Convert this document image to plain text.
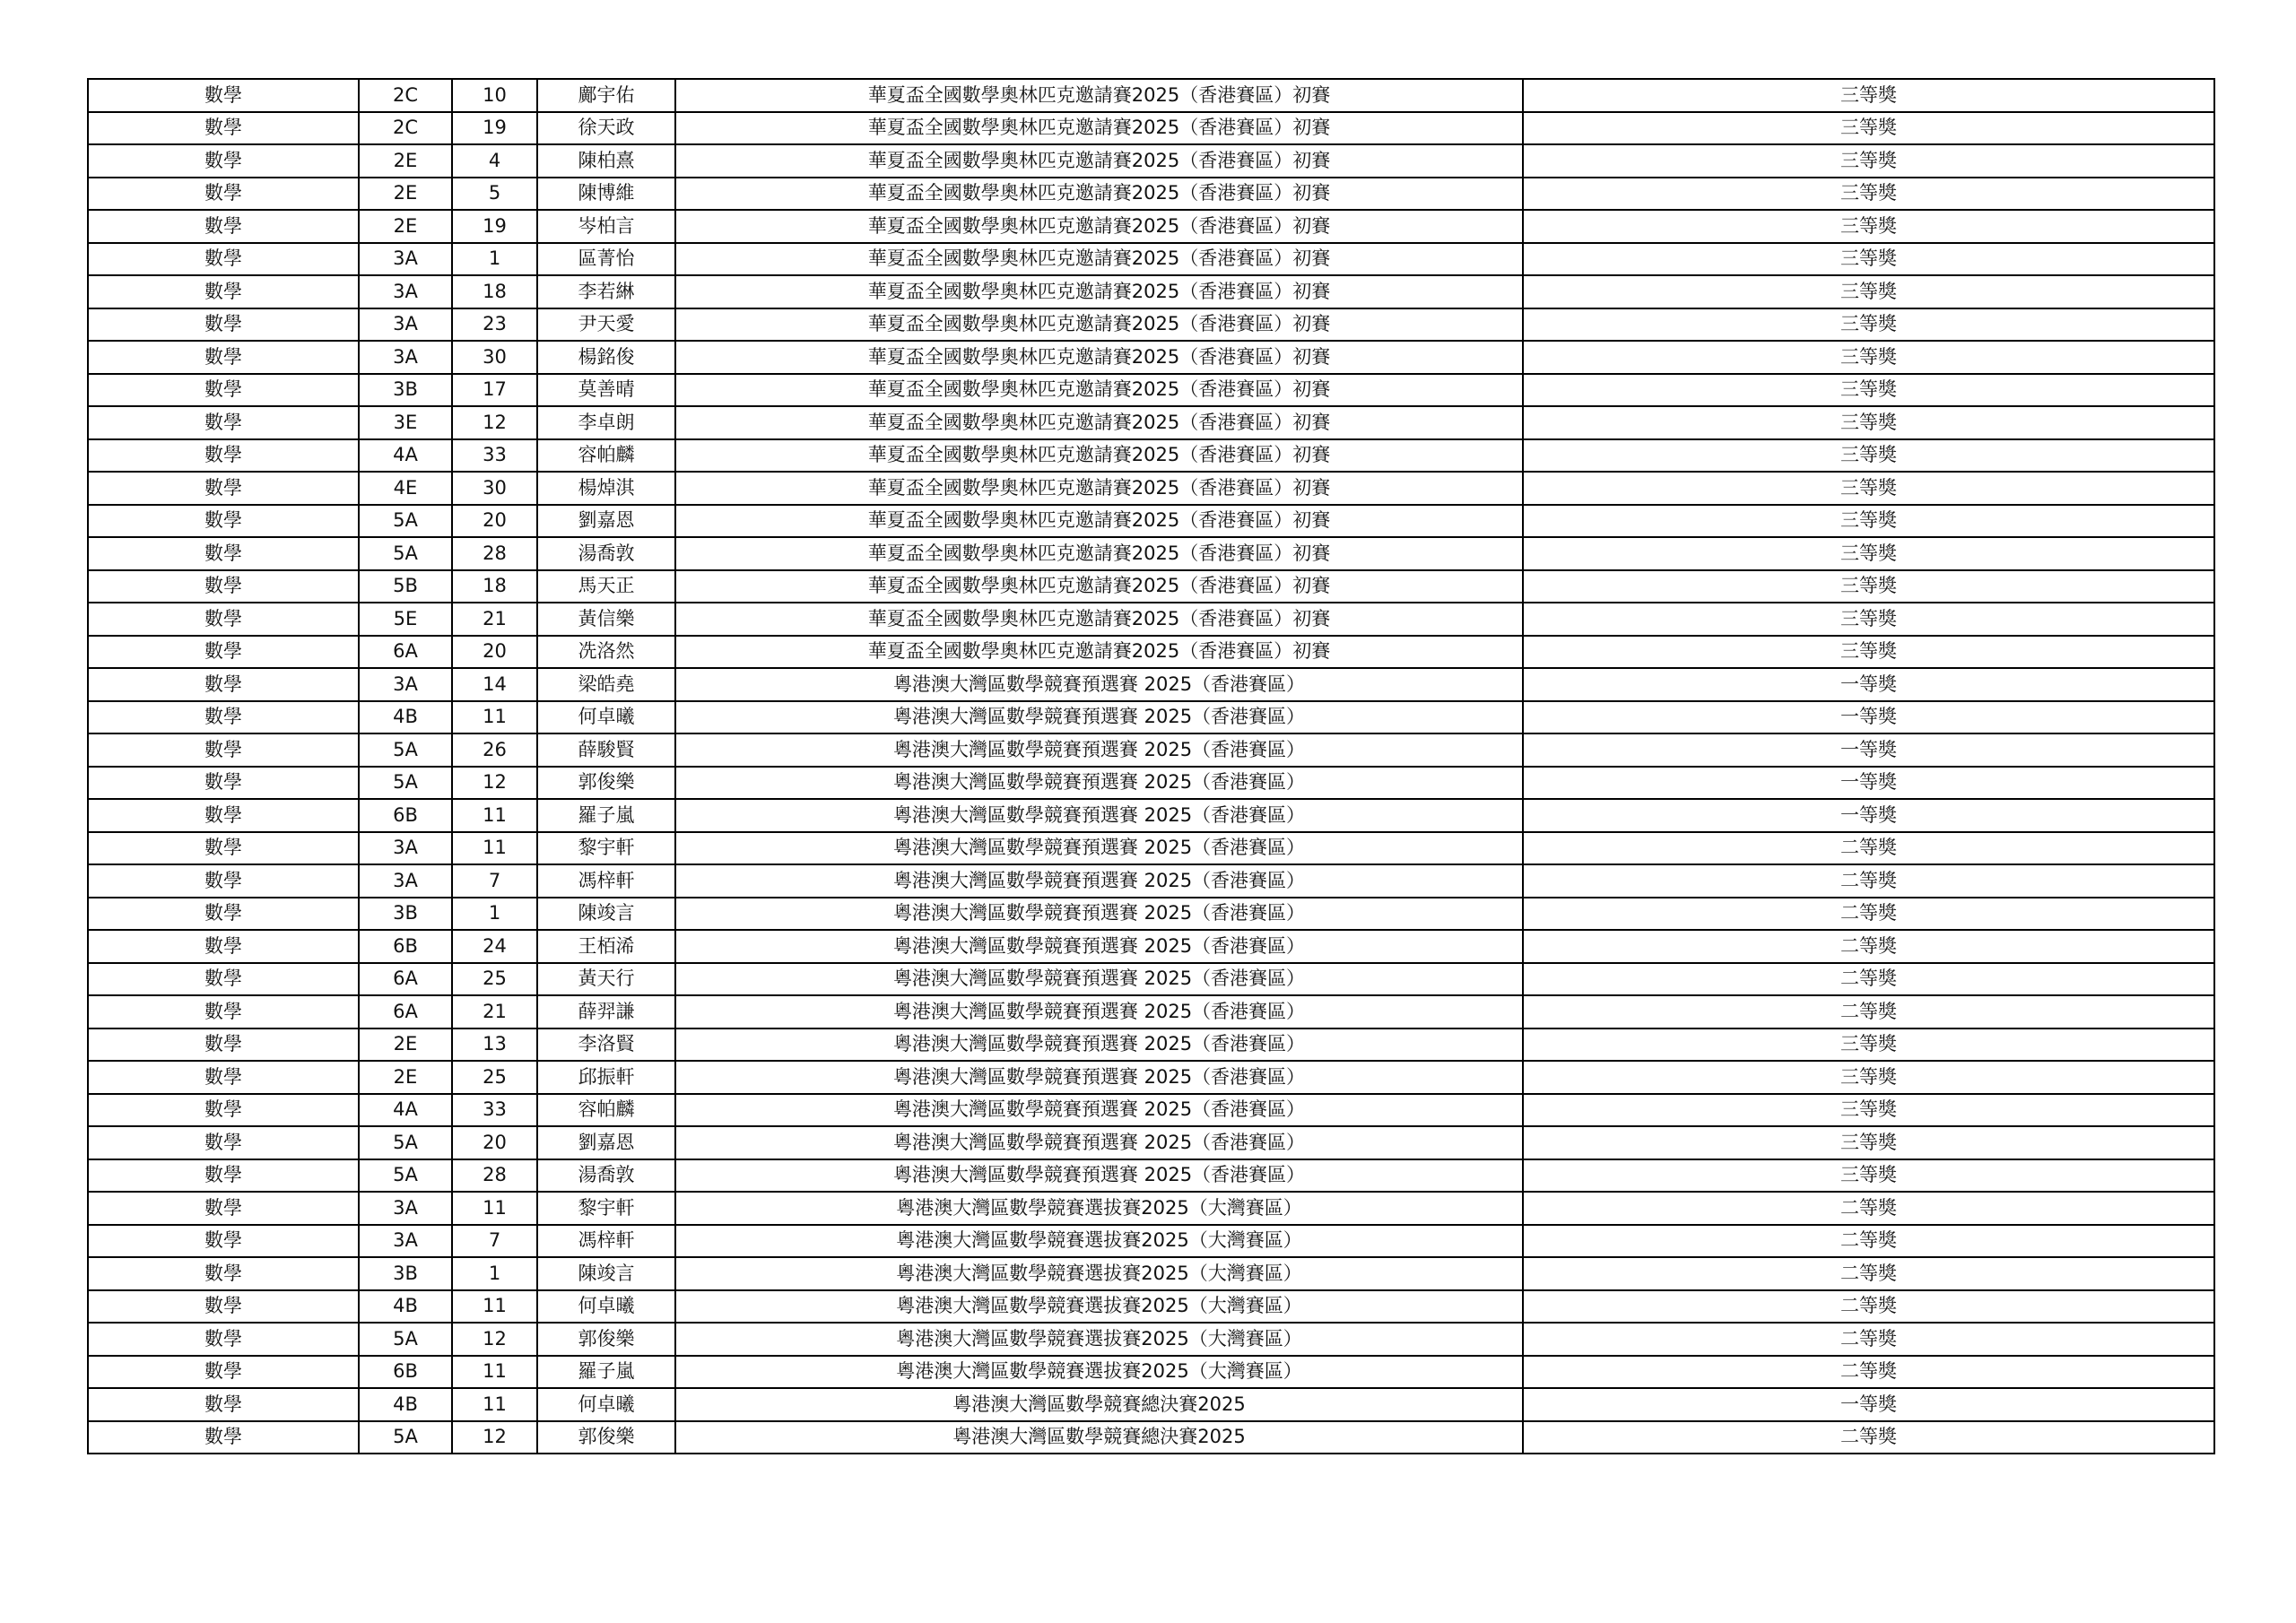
數學	2C	10	鄺宇佑	華夏盃全國數學奧林匹克邀請賽2025（香港賽區）初賽	三等獎
數學	2C	19	徐天政	華夏盃全國數學奧林匹克邀請賽2025（香港賽區）初賽	三等獎
數學	2E	4	陳柏熹	華夏盃全國數學奧林匹克邀請賽2025（香港賽區）初賽	三等獎
數學	2E	5	陳博維	華夏盃全國數學奧林匹克邀請賽2025（香港賽區）初賽	三等獎
數學	2E	19	岑柏言	華夏盃全國數學奧林匹克邀請賽2025（香港賽區）初賽	三等獎
數學	3A	1	區菁怡	華夏盃全國數學奧林匹克邀請賽2025（香港賽區）初賽	三等獎
數學	3A	18	李若綝	華夏盃全國數學奧林匹克邀請賽2025（香港賽區）初賽	三等獎
數學	3A	23	尹天愛	華夏盃全國數學奧林匹克邀請賽2025（香港賽區）初賽	三等獎
數學	3A	30	楊銘俊	華夏盃全國數學奧林匹克邀請賽2025（香港賽區）初賽	三等獎
數學	3B	17	莫善晴	華夏盃全國數學奧林匹克邀請賽2025（香港賽區）初賽	三等獎
數學	3E	12	李卓朗	華夏盃全國數學奧林匹克邀請賽2025（香港賽區）初賽	三等獎
數學	4A	33	容帕麟	華夏盃全國數學奧林匹克邀請賽2025（香港賽區）初賽	三等獎
數學	4E	30	楊焯淇	華夏盃全國數學奧林匹克邀請賽2025（香港賽區）初賽	三等獎
數學	5A	20	劉嘉恩	華夏盃全國數學奧林匹克邀請賽2025（香港賽區）初賽	三等獎
數學	5A	28	湯喬敦	華夏盃全國數學奧林匹克邀請賽2025（香港賽區）初賽	三等獎
數學	5B	18	馬天正	華夏盃全國數學奧林匹克邀請賽2025（香港賽區）初賽	三等獎
數學	5E	21	黃信樂	華夏盃全國數學奧林匹克邀請賽2025（香港賽區）初賽	三等獎
數學	6A	20	冼洛然	華夏盃全國數學奧林匹克邀請賽2025（香港賽區）初賽	三等獎
數學	3A	14	梁皓堯	粵港澳大灣區數學競賽預選賽 2025（香港賽區）	一等獎
數學	4B	11	何卓曦	粵港澳大灣區數學競賽預選賽 2025（香港賽區）	一等獎
數學	5A	26	薛駿賢	粵港澳大灣區數學競賽預選賽 2025（香港賽區）	一等獎
數學	5A	12	郭俊樂	粵港澳大灣區數學競賽預選賽 2025（香港賽區）	一等獎
數學	6B	11	羅子嵐	粵港澳大灣區數學競賽預選賽 2025（香港賽區）	一等獎
數學	3A	11	黎宇軒	粵港澳大灣區數學競賽預選賽 2025（香港賽區）	二等獎
數學	3A	7	馮梓軒	粵港澳大灣區數學競賽預選賽 2025（香港賽區）	二等獎
數學	3B	1	陳竣言	粵港澳大灣區數學競賽預選賽 2025（香港賽區）	二等獎
數學	6B	24	王栢浠	粵港澳大灣區數學競賽預選賽 2025（香港賽區）	二等獎
數學	6A	25	黃天行	粵港澳大灣區數學競賽預選賽 2025（香港賽區）	二等獎
數學	6A	21	薛羿謙	粵港澳大灣區數學競賽預選賽 2025（香港賽區）	二等獎
數學	2E	13	李洛賢	粵港澳大灣區數學競賽預選賽 2025（香港賽區）	三等獎
數學	2E	25	邱振軒	粵港澳大灣區數學競賽預選賽 2025（香港賽區）	三等獎
數學	4A	33	容帕麟	粵港澳大灣區數學競賽預選賽 2025（香港賽區）	三等獎
數學	5A	20	劉嘉恩	粵港澳大灣區數學競賽預選賽 2025（香港賽區）	三等獎
數學	5A	28	湯喬敦	粵港澳大灣區數學競賽預選賽 2025（香港賽區）	三等獎
數學	3A	11	黎宇軒	粵港澳大灣區數學競賽選拔賽2025（大灣賽區）	二等獎
數學	3A	7	馮梓軒	粵港澳大灣區數學競賽選拔賽2025（大灣賽區）	二等獎
數學	3B	1	陳竣言	粵港澳大灣區數學競賽選拔賽2025（大灣賽區）	二等獎
數學	4B	11	何卓曦	粵港澳大灣區數學競賽選拔賽2025（大灣賽區）	二等獎
數學	5A	12	郭俊樂	粵港澳大灣區數學競賽選拔賽2025（大灣賽區）	二等獎
數學	6B	11	羅子嵐	粵港澳大灣區數學競賽選拔賽2025（大灣賽區）	二等獎
數學	4B	11	何卓曦	粵港澳大灣區數學競賽總決賽2025	一等獎
數學	5A	12	郭俊樂	粵港澳大灣區數學競賽總決賽2025	二等獎
